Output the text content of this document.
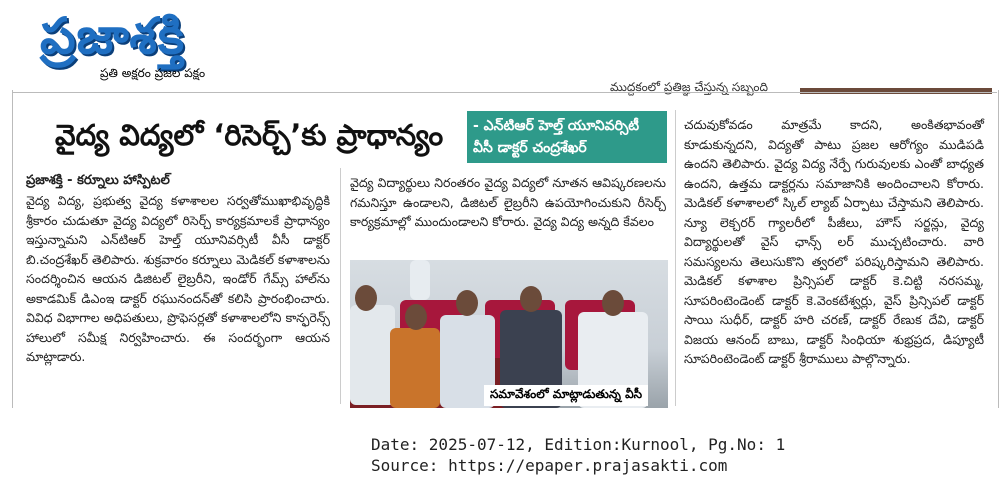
ప్రజాశక్తి
ప్రతి అక్షరం ప్రజల పక్షం
ముద్దకంలో ప్రతిజ్ఞ చేస్తున్న సబ్బంది
వైద్య విద్యలో ‘రిసెర్చ్’కు ప్రాధాన్యం - ఎన్‌టిఆర్ హెల్త్ యూనివర్సిటీ
వీసీ డాక్టర్ చంద్రశేఖర్
ప్రజాశక్తి - కర్నూలు హాస్పిటల్

వైద్య విద్య, ప్రభుత్వ వైద్య కళాశాలల సర్వతోముఖాభివృద్ధికి శ్రీకారం చుడుతూ వైద్య విద్యలో రిసెర్చ్ కార్యక్రమాలకే ప్రాధాన్యం ఇస్తున్నామని ఎన్‌టిఆర్ హెల్త్ యూనివర్సిటీ వీసీ డాక్టర్ బి.చంద్రశేఖర్ తెలిపారు. శుక్రవారం కర్నూలు మెడికల్ కళాశాలను సందర్శించిన ఆయన డిజిటల్ లైబ్రరీని, ఇండోర్ గేమ్స్ హాల్‌ను అకాడమిక్ డిఎంఇ డాక్టర్ రఘునందన్‌తో కలిసి ప్రారంభించారు. వివిధ విభాగాల అధిపతులు, ప్రొఫెసర్లతో కళాశాలలోని కాన్ఫరెన్స్ హాలులో సమీక్ష నిర్వహించారు. ఈ సందర్భంగా ఆయన మాట్లాడారు.

వైద్య విద్యార్థులు నిరంతరం వైద్య విద్యలో నూతన ఆవిష్కరణలను గమనిస్తూ ఉండాలని, డిజిటల్ లైబ్రరీని ఉపయోగించుకుని రీసెర్చ్ కార్యక్రమాల్లో ముందుండాలని కోరారు. వైద్య విద్య అన్నది కేవలం

చదువుకోవడం మాత్రమే కాదని, అంకితభావంతో కూడుకున్నదని, విద్యతో పాటు ప్రజల ఆరోగ్యం ముడిపడి ఉందని తెలిపారు. వైద్య విద్య నేర్పే గురువులకు ఎంతో బాధ్యత ఉందని, ఉత్తమ డాక్టర్లను సమాజానికి అందించాలని కోరారు. మెడికల్ కళాశాలలో స్కిల్ ల్యాబ్ ఏర్పాటు చేస్తామని తెలిపారు. న్యూ లెక్చరర్ గ్యాలరీలో పీజీలు, హౌస్ సర్జన్లు, వైద్య విద్యార్థులతో వైస్ ఛాన్స్ లర్ ముచ్చటించారు. వారి సమస్యలను తెలుసుకొని త్వరలో పరిష్కరిస్తామని తెలిపారు. మెడికల్ కళాశాల ప్రిన్సిపల్ డాక్టర్ కె.చిట్టి నరసమ్మ, సూపరింటెండెంట్ డాక్టర్ కె.వెంకటేశ్వర్లు, వైస్ ప్రిన్సిపల్ డాక్టర్ సాయి సుధీర్, డాక్టర్ హరి చరణ్, డాక్టర్ రేణుక దేవి, డాక్టర్ విజయ ఆనంద్ బాబు, డాక్టర్ సింధియా శుభ్రప్రద, డిప్యూటీ సూపరింటెండెంట్ డాక్టర్ శ్రీరాములు పాల్గొన్నారు.

సమావేశంలో మాట్లాడుతున్న వీసీ
Date: 2025-07-12, Edition:Kurnool, Pg.No: 1
Source: https://epaper.prajasakti.com
